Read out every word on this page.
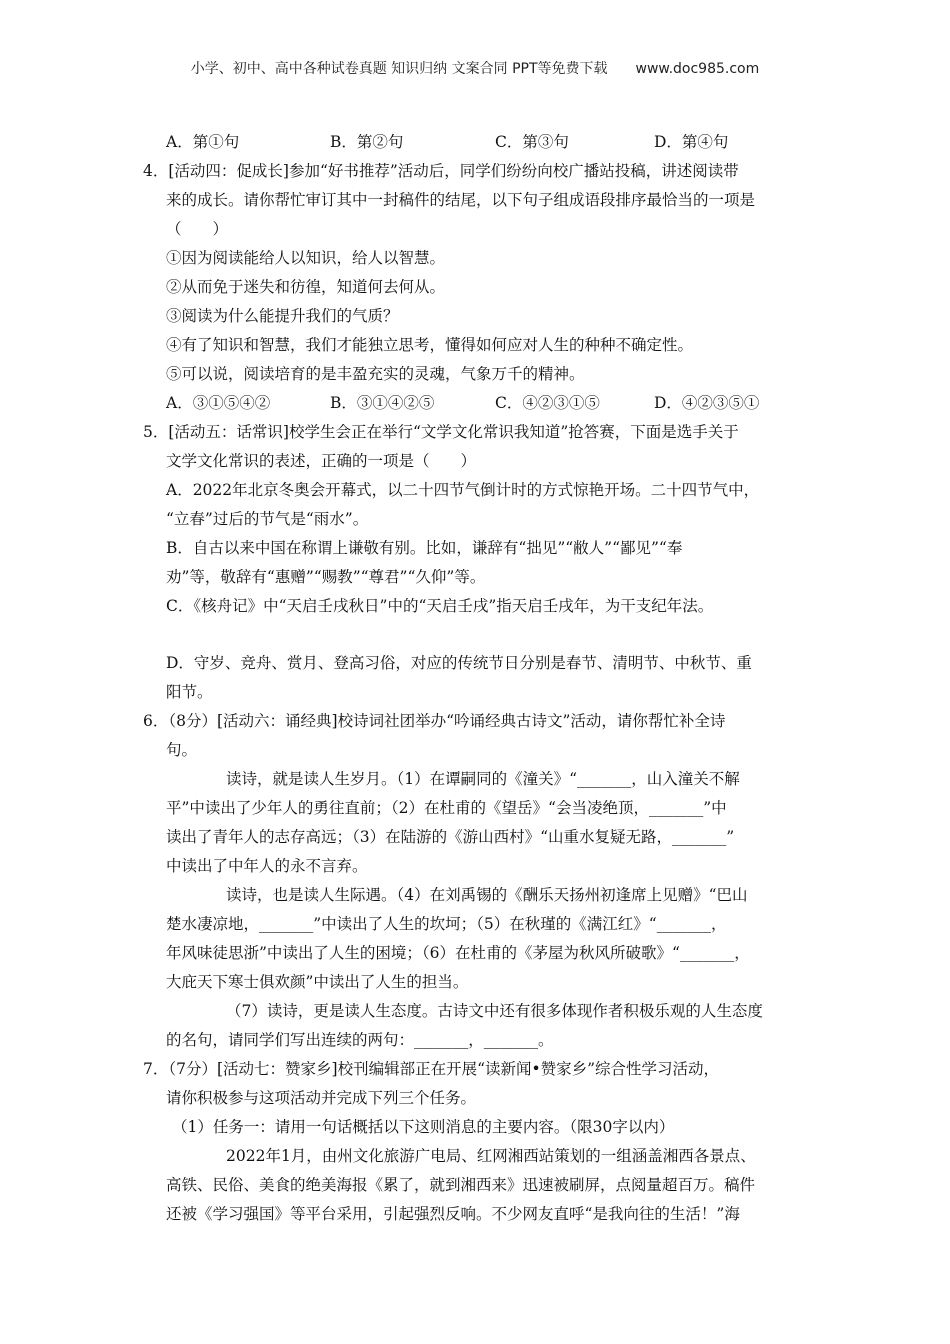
小学、初中、高中各种试卷真题 知识归纳 文案合同 PPT等免费下载 www.doc985.com
A．第①句	B．第②句	C．第③句	D．第④句
4．[活动四：促成长]参加“好书推荐”活动后，同学们纷纷向校广播站投稿，讲述阅读带
来的成长。请你帮忙审订其中一封稿件的结尾，以下句子组成语段排序最恰当的一项是
（　　）
①因为阅读能给人以知识，给人以智慧。
②从而免于迷失和彷徨，知道何去何从。
③阅读为什么能提升我们的气质？
④有了知识和智慧，我们才能独立思考，懂得如何应对人生的种种不确定性。
⑤可以说，阅读培育的是丰盈充实的灵魂，气象万千的精神。
A．③①⑤④②	B．③①④②⑤	C．④②③①⑤	D．④②③⑤①
5．[活动五：话常识]校学生会正在举行“文学文化常识我知道”抢答赛，下面是选手关于
文学文化常识的表述，正确的一项是（　　）
A．2022年北京冬奥会开幕式，以二十四节气倒计时的方式惊艳开场。二十四节气中，
“立春”过后的节气是“雨水”。
B．自古以来中国在称谓上谦敬有别。比如，谦辞有“拙见”“敝人”“鄙见”“奉
劝”等，敬辞有“惠赠”“赐教”“尊君”“久仰”等。
C．《核舟记》中“天启壬戌秋日”中的“天启壬戌”指天启壬戌年，为干支纪年法。
D．守岁、竞舟、赏月、登高习俗，对应的传统节日分别是春节、清明节、中秋节、重
阳节。
6．（8分）[活动六：诵经典]校诗词社团举办“吟诵经典古诗文”活动，请你帮忙补全诗
句。
读诗，就是读人生岁月。（1）在谭嗣同的《潼关》“_______，山入潼关不解
平”中读出了少年人的勇往直前；（2）在杜甫的《望岳》“会当凌绝顶，_______”中
读出了青年人的志存高远；（3）在陆游的《游山西村》“山重水复疑无路，_______”
中读出了中年人的永不言弃。
读诗，也是读人生际遇。（4）在刘禹锡的《酬乐天扬州初逢席上见赠》“巴山
楚水凄凉地，_______”中读出了人生的坎坷；（5）在秋瑾的《满江红》“_______，
年风味徒思浙”中读出了人生的困境；（6）在杜甫的《茅屋为秋风所破歌》“_______，
大庇天下寒士俱欢颜”中读出了人生的担当。
（7）读诗，更是读人生态度。古诗文中还有很多体现作者积极乐观的人生态度
的名句，请同学们写出连续的两句：_______，_______。
7．（7分）[活动七：赞家乡]校刊编辑部正在开展“读新闻•赞家乡”综合性学习活动，
请你积极参与这项活动并完成下列三个任务。
（1）任务一：请用一句话概括以下这则消息的主要内容。（限30字以内）
2022年1月，由州文化旅游广电局、红网湘西站策划的一组涵盖湘西各景点、
高铁、民俗、美食的绝美海报《累了，就到湘西来》迅速被刷屏，点阅量超百万。稿件
还被《学习强国》等平台采用，引起强烈反响。不少网友直呼“是我向往的生活！”海
